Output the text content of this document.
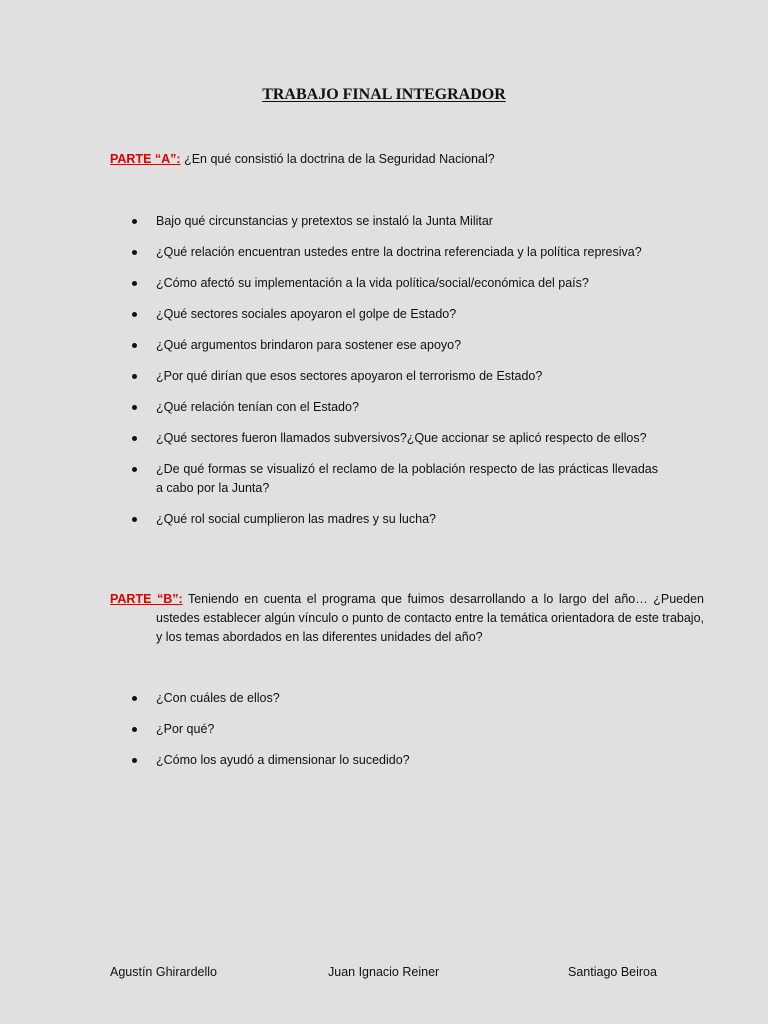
TRABAJO FINAL INTEGRADOR
PARTE “A”: ¿En qué consistió la doctrina de la Seguridad Nacional?
Bajo qué circunstancias y pretextos se instaló la Junta Militar
¿Qué relación encuentran ustedes entre la doctrina referenciada y la política represiva?
¿Cómo afectó su implementación a la vida política/social/económica del país?
¿Qué sectores sociales apoyaron el golpe de Estado?
¿Qué argumentos brindaron para sostener ese apoyo?
¿Por qué dirían que esos sectores apoyaron el terrorismo de Estado?
¿Qué relación tenían con el Estado?
¿Qué sectores fueron llamados subversivos?¿Que accionar se aplicó respecto de ellos?
¿De qué formas se visualizó el reclamo de la población respecto de las prácticas llevadas a cabo por la Junta?
¿Qué rol social cumplieron las madres y su lucha?
PARTE “B”: Teniendo en cuenta el programa que fuimos desarrollando a lo largo del año… ¿Pueden ustedes establecer algún vínculo o punto de contacto entre la temática orientadora de este trabajo, y los temas abordados en las diferentes unidades del año?
¿Con cuáles de ellos?
¿Por qué?
¿Cómo los ayudó a dimensionar lo sucedido?
Agustín Ghirardello	Juan Ignacio Reiner	Santiago Beiroa
